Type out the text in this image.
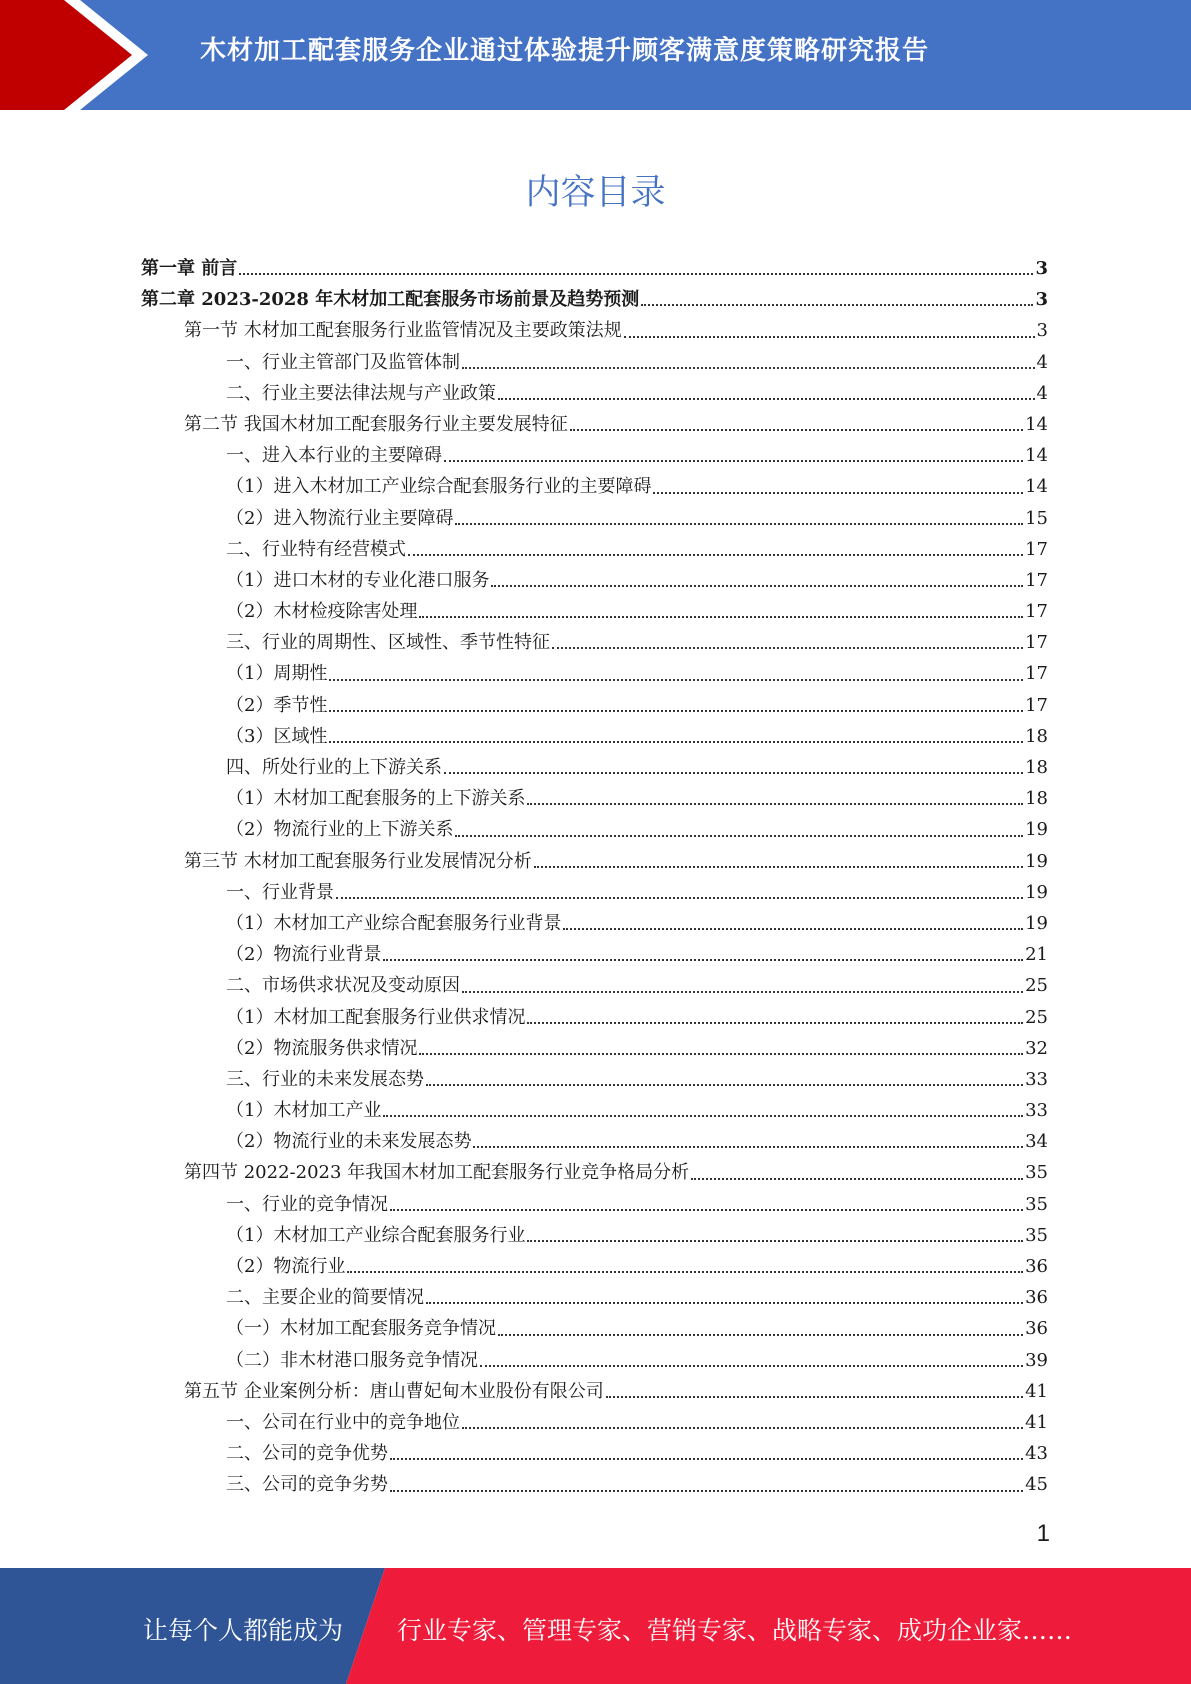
木材加工配套服务企业通过体验提升顾客满意度策略研究报告
内容目录
第一章 前言	3
第二章 2023-2028 年木材加工配套服务市场前景及趋势预测	3
第一节 木材加工配套服务行业监管情况及主要政策法规	3
一、行业主管部门及监管体制	4
二、行业主要法律法规与产业政策	4
第二节 我国木材加工配套服务行业主要发展特征	14
一、进入本行业的主要障碍	14
（1）进入木材加工产业综合配套服务行业的主要障碍	14
（2）进入物流行业主要障碍	15
二、行业特有经营模式	17
（1）进口木材的专业化港口服务	17
（2）木材检疫除害处理	17
三、行业的周期性、区域性、季节性特征	17
（1）周期性	17
（2）季节性	17
（3）区域性	18
四、所处行业的上下游关系	18
（1）木材加工配套服务的上下游关系	18
（2）物流行业的上下游关系	19
第三节 木材加工配套服务行业发展情况分析	19
一、行业背景	19
（1）木材加工产业综合配套服务行业背景	19
（2）物流行业背景	21
二、市场供求状况及变动原因	25
（1）木材加工配套服务行业供求情况	25
（2）物流服务供求情况	32
三、行业的未来发展态势	33
（1）木材加工产业	33
（2）物流行业的未来发展态势	34
第四节 2022-2023 年我国木材加工配套服务行业竞争格局分析	35
一、行业的竞争情况	35
（1）木材加工产业综合配套服务行业	35
（2）物流行业	36
二、主要企业的简要情况	36
（一）木材加工配套服务竞争情况	36
（二）非木材港口服务竞争情况	39
第五节 企业案例分析：唐山曹妃甸木业股份有限公司	41
一、公司在行业中的竞争地位	41
二、公司的竞争优势	43
三、公司的竞争劣势	45
1
让每个人都能成为 行业专家、管理专家、营销专家、战略专家、成功企业家……
